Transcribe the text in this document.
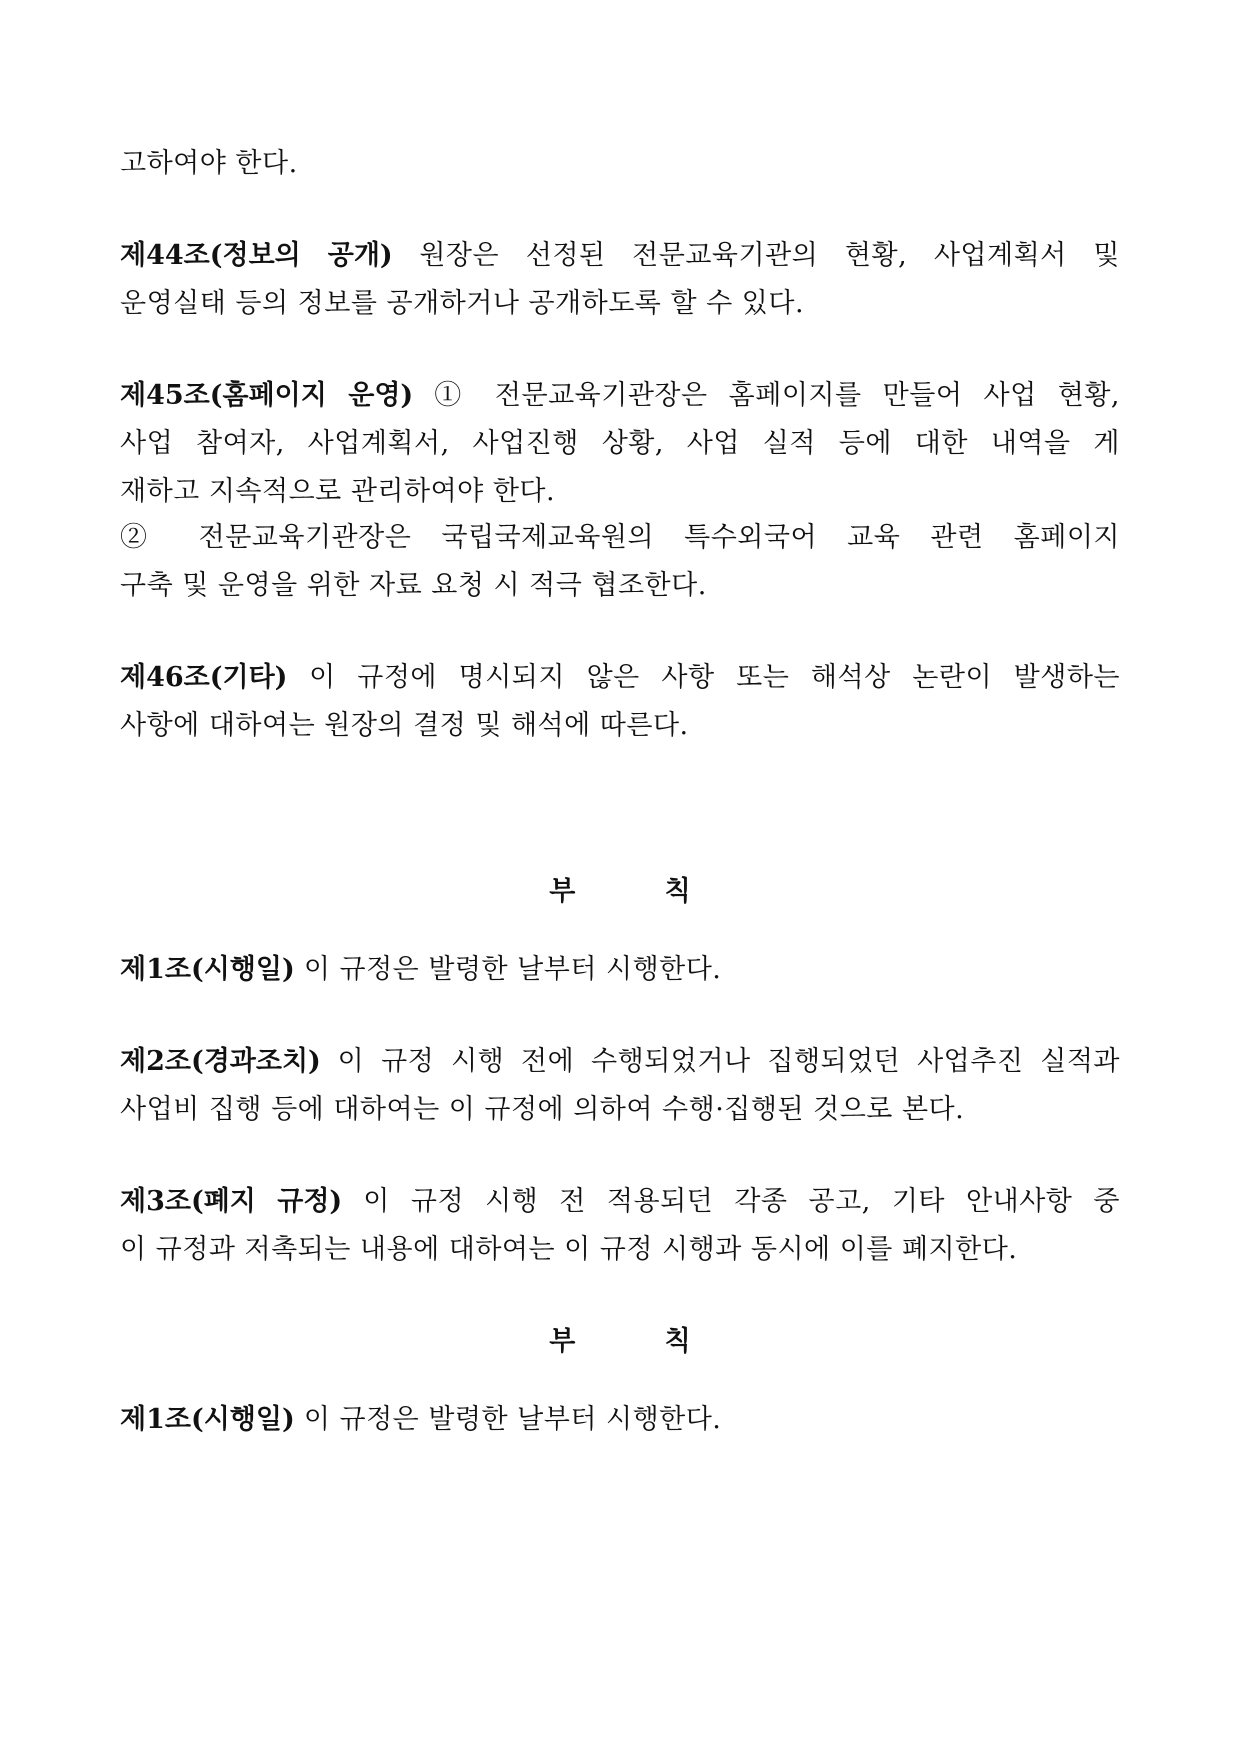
고하여야 한다.
제44조(정보의 공개) 원장은 선정된 전문교육기관의 현황, 사업계획서 및
운영실태 등의 정보를 공개하거나 공개하도록 할 수 있다.
제45조(홈페이지 운영) ① 전문교육기관장은 홈페이지를 만들어 사업 현황,
사업 참여자, 사업계획서, 사업진행 상황, 사업 실적 등에 대한 내역을 게
재하고 지속적으로 관리하여야 한다.
② 전문교육기관장은 국립국제교육원의 특수외국어 교육 관련 홈페이지
구축 및 운영을 위한 자료 요청 시 적극 협조한다.
제46조(기타) 이 규정에 명시되지 않은 사항 또는 해석상 논란이 발생하는
사항에 대하여는 원장의 결정 및 해석에 따른다.
부 칙
제1조(시행일) 이 규정은 발령한 날부터 시행한다.
제2조(경과조치) 이 규정 시행 전에 수행되었거나 집행되었던 사업추진 실적과
사업비 집행 등에 대하여는 이 규정에 의하여 수행·집행된 것으로 본다.
제3조(폐지 규정) 이 규정 시행 전 적용되던 각종 공고, 기타 안내사항 중
이 규정과 저촉되는 내용에 대하여는 이 규정 시행과 동시에 이를 폐지한다.
부 칙
제1조(시행일) 이 규정은 발령한 날부터 시행한다.
